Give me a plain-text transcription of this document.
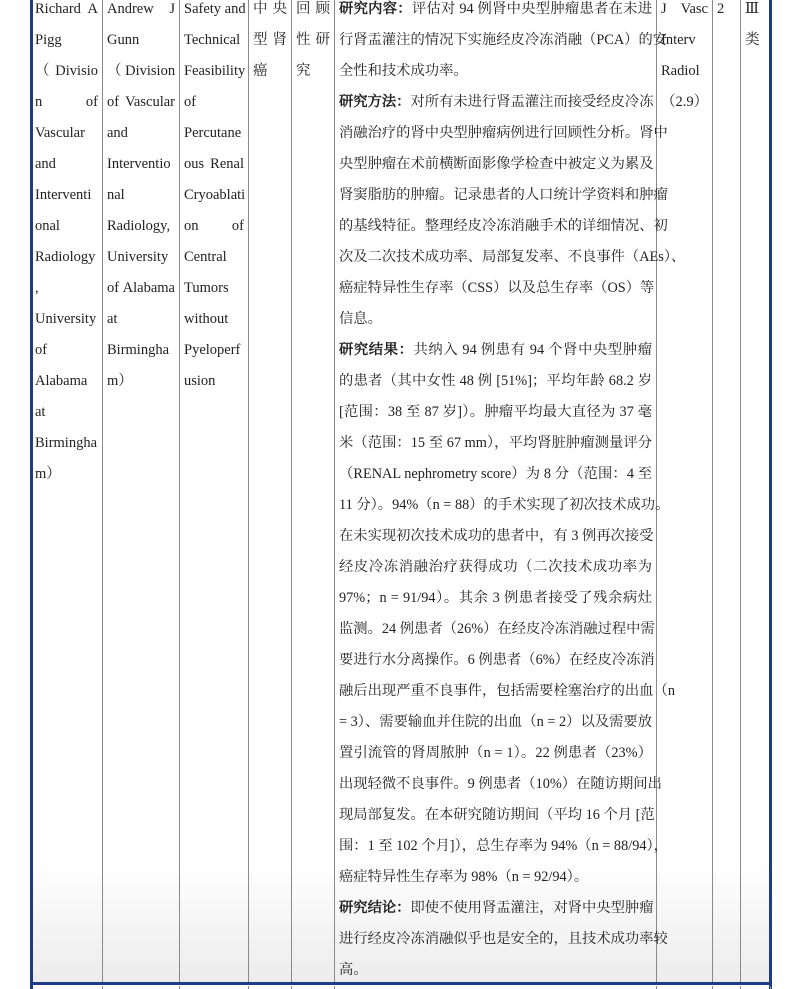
Richard A
Pigg
（ Divisio
n of
Vascular
and
Interventi
onal
Radiology
,
University
of
Alabama
at
Birmingha
m）
Andrew J
Gunn
（ Division
of Vascular
and
Interventio
nal
Radiology,
University
of Alabama
at
Birmingha
m）
Safety and
Technical
Feasibility
of
Percutane
ous Renal
Cryoablati
on of
Central
Tumors
without
Pyeloperf
usion
中央
型肾
癌
回顾
性研
究
研究内容：评估对 94 例肾中央型肿瘤患者在未进
行肾盂灌注的情况下实施经皮冷冻消融（PCA）的安
全性和技术成功率。
研究方法：对所有未进行肾盂灌注而接受经皮冷冻
消融治疗的肾中央型肿瘤病例进行回顾性分析。肾中
央型肿瘤在术前横断面影像学检查中被定义为累及
肾窦脂肪的肿瘤。记录患者的人口统计学资料和肿瘤
的基线特征。整理经皮冷冻消融手术的详细情况、初
次及二次技术成功率、局部复发率、不良事件（AEs）、
癌症特异性生存率（CSS）以及总生存率（OS）等
信息。
研究结果：共纳入 94 例患有 94 个肾中央型肿瘤
的患者（其中女性 48 例 [51%]；平均年龄 68.2 岁
[范围：38 至 87 岁]）。肿瘤平均最大直径为 37 毫
米（范围：15 至 67 mm），平均肾脏肿瘤测量评分
（RENAL nephrometry score）为 8 分（范围：4 至
11 分）。94%（n = 88）的手术实现了初次技术成功。
在未实现初次技术成功的患者中，有 3 例再次接受
经皮冷冻消融治疗获得成功（二次技术成功率为
97%；n = 91/94）。其余 3 例患者接受了残余病灶
监测。24 例患者（26%）在经皮冷冻消融过程中需
要进行水分离操作。6 例患者（6%）在经皮冷冻消
融后出现严重不良事件，包括需要栓塞治疗的出血（n
= 3）、需要输血并住院的出血（n = 2）以及需要放
置引流管的肾周脓肿（n = 1）。22 例患者（23%）
出现轻微不良事件。9 例患者（10%）在随访期间出
现局部复发。在本研究随访期间（平均 16 个月 [范
围：1 至 102 个月]），总生存率为 94%（n = 88/94），
癌症特异性生存率为 98%（n = 92/94）。
研究结论：即使不使用肾盂灌注，对肾中央型肿瘤
进行经皮冷冻消融似乎也是安全的，且技术成功率较
高。
J Vasc
Interv
Radiol
（2.9）
2	Ⅲ
类
